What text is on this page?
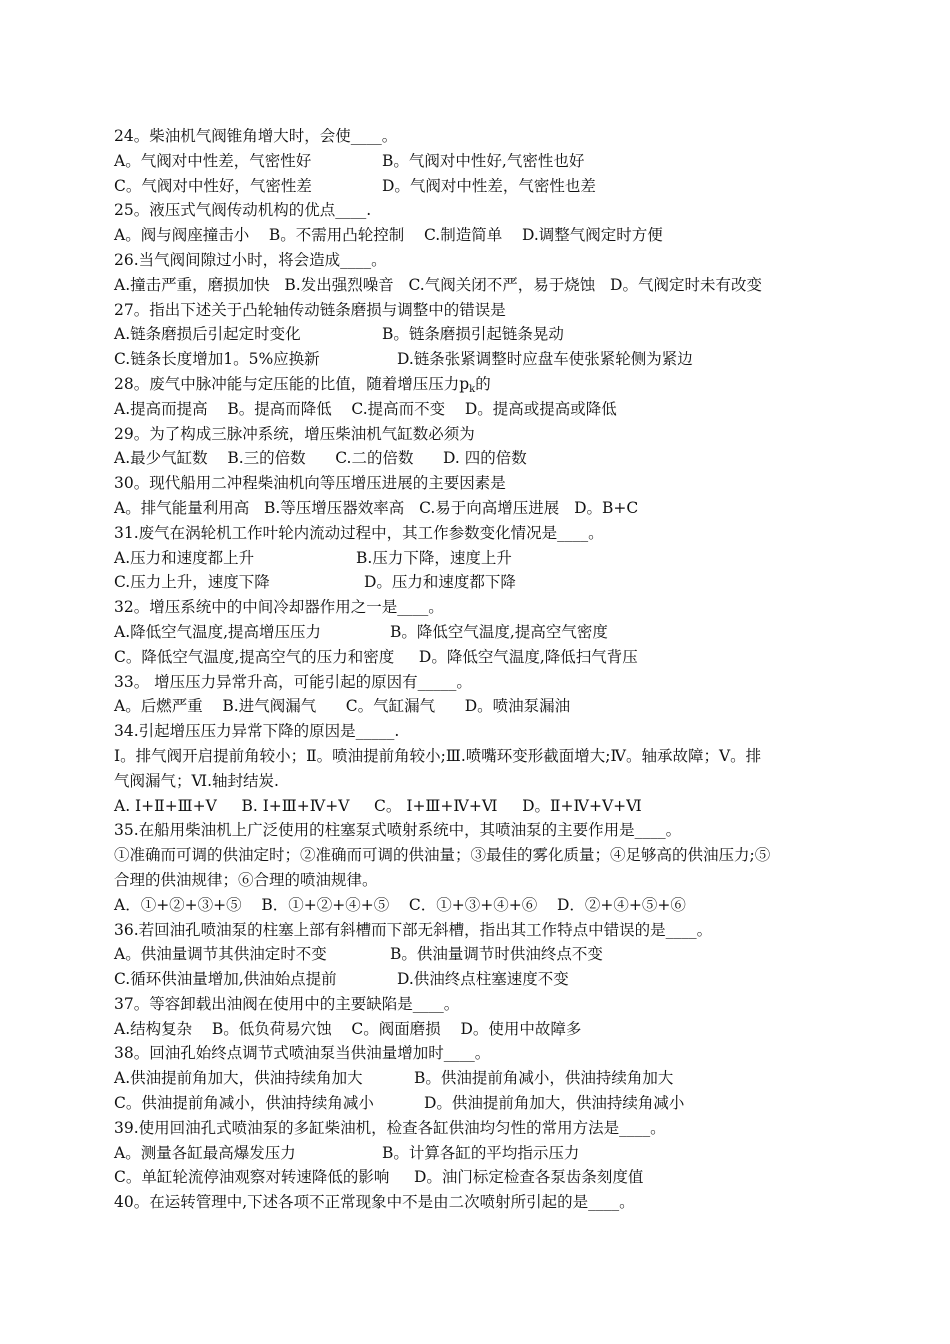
24。柴油机气阀锥角增大时，会使____。
A。气阀对中性差，气密性好	B。气阀对中性好,气密性也好
C。气阀对中性好，气密性差	D。气阀对中性差，气密性也差
25。液压式气阀传动机构的优点____.
A。阀与阀座撞击小    B。不需用凸轮控制    C.制造简单    D.调整气阀定时方便
26.当气阀间隙过小时，将会造成____。
A.撞击严重，磨损加快   B.发出强烈噪音   C.气阀关闭不严，易于烧蚀   D。气阀定时未有改变
27。指出下述关于凸轮轴传动链条磨损与调整中的错误是
A.链条磨损后引起定时变化	B。链条磨损引起链条晃动
C.链条长度增加1。5%应换新	D.链条张紧调整时应盘车使张紧轮侧为紧边
28。废气中脉冲能与定压能的比值，随着增压压力$p_k$的
A.提高而提高    B。提高而降低    C.提高而不变    D。提高或提高或降低
29。为了构成三脉冲系统，增压柴油机气缸数必须为
A.最少气缸数    B.三的倍数      C.二的倍数      D. 四的倍数
30。现代船用二冲程柴油机向等压增压进展的主要因素是
A。排气能量利用高   B.等压增压器效率高   C.易于向高增压进展   D。B+C
31.废气在涡轮机工作叶轮内流动过程中，其工作参数变化情况是____。
A.压力和速度都上升	B.压力下降，速度上升
C.压力上升，速度下降	D。压力和速度都下降
32。增压系统中的中间冷却器作用之一是____。
A.降低空气温度,提高增压压力	B。降低空气温度,提高空气密度
C。降低空气温度,提高空气的压力和密度     D。降低空气温度,降低扫气背压
33。 增压压力异常升高，可能引起的原因有_____。
A。后燃严重    B.进气阀漏气      C。气缸漏气      D。喷油泵漏油
34.引起增压压力异常下降的原因是_____.
Ⅰ。排气阀开启提前角较小；Ⅱ。喷油提前角较小;Ⅲ.喷嘴环变形截面增大;Ⅳ。轴承故障；Ⅴ。排
气阀漏气；Ⅵ.轴封结炭.
A. Ⅰ+Ⅱ+Ⅲ+Ⅴ     B. Ⅰ+Ⅲ+Ⅳ+Ⅴ     C。 Ⅰ+Ⅲ+Ⅳ+Ⅵ     D。Ⅱ+Ⅳ+Ⅴ+Ⅵ
35.在船用柴油机上广泛使用的柱塞泵式喷射系统中，其喷油泵的主要作用是____。
①准确而可调的供油定时；②准确而可调的供油量；③最佳的雾化质量；④足够高的供油压力;⑤
合理的供油规律；⑥合理的喷油规律。
A．①+②+③+⑤    B．①+②+④+⑤    C．①+③+④+⑥    D．②+④+⑤+⑥
36.若回油孔喷油泵的柱塞上部有斜槽而下部无斜槽，指出其工作特点中错误的是____。
A。供油量调节其供油定时不变	B。供油量调节时供油终点不变
C.循环供油量增加,供油始点提前	D.供油终点柱塞速度不变
37。等容卸载出油阀在使用中的主要缺陷是____。
A.结构复杂    B。低负荷易穴蚀    C。阀面磨损    D。使用中故障多
38。回油孔始终点调节式喷油泵当供油量增加时____。
A.供油提前角加大，供油持续角加大	B。供油提前角减小，供油持续角加大
C。供油提前角减小，供油持续角减小	D。供油提前角加大，供油持续角减小
39.使用回油孔式喷油泵的多缸柴油机，检查各缸供油均匀性的常用方法是____。
A。测量各缸最高爆发压力	B。计算各缸的平均指示压力
C。单缸轮流停油观察对转速降低的影响     D。油门标定检查各泵齿条刻度值
40。在运转管理中,下述各项不正常现象中不是由二次喷射所引起的是____。
